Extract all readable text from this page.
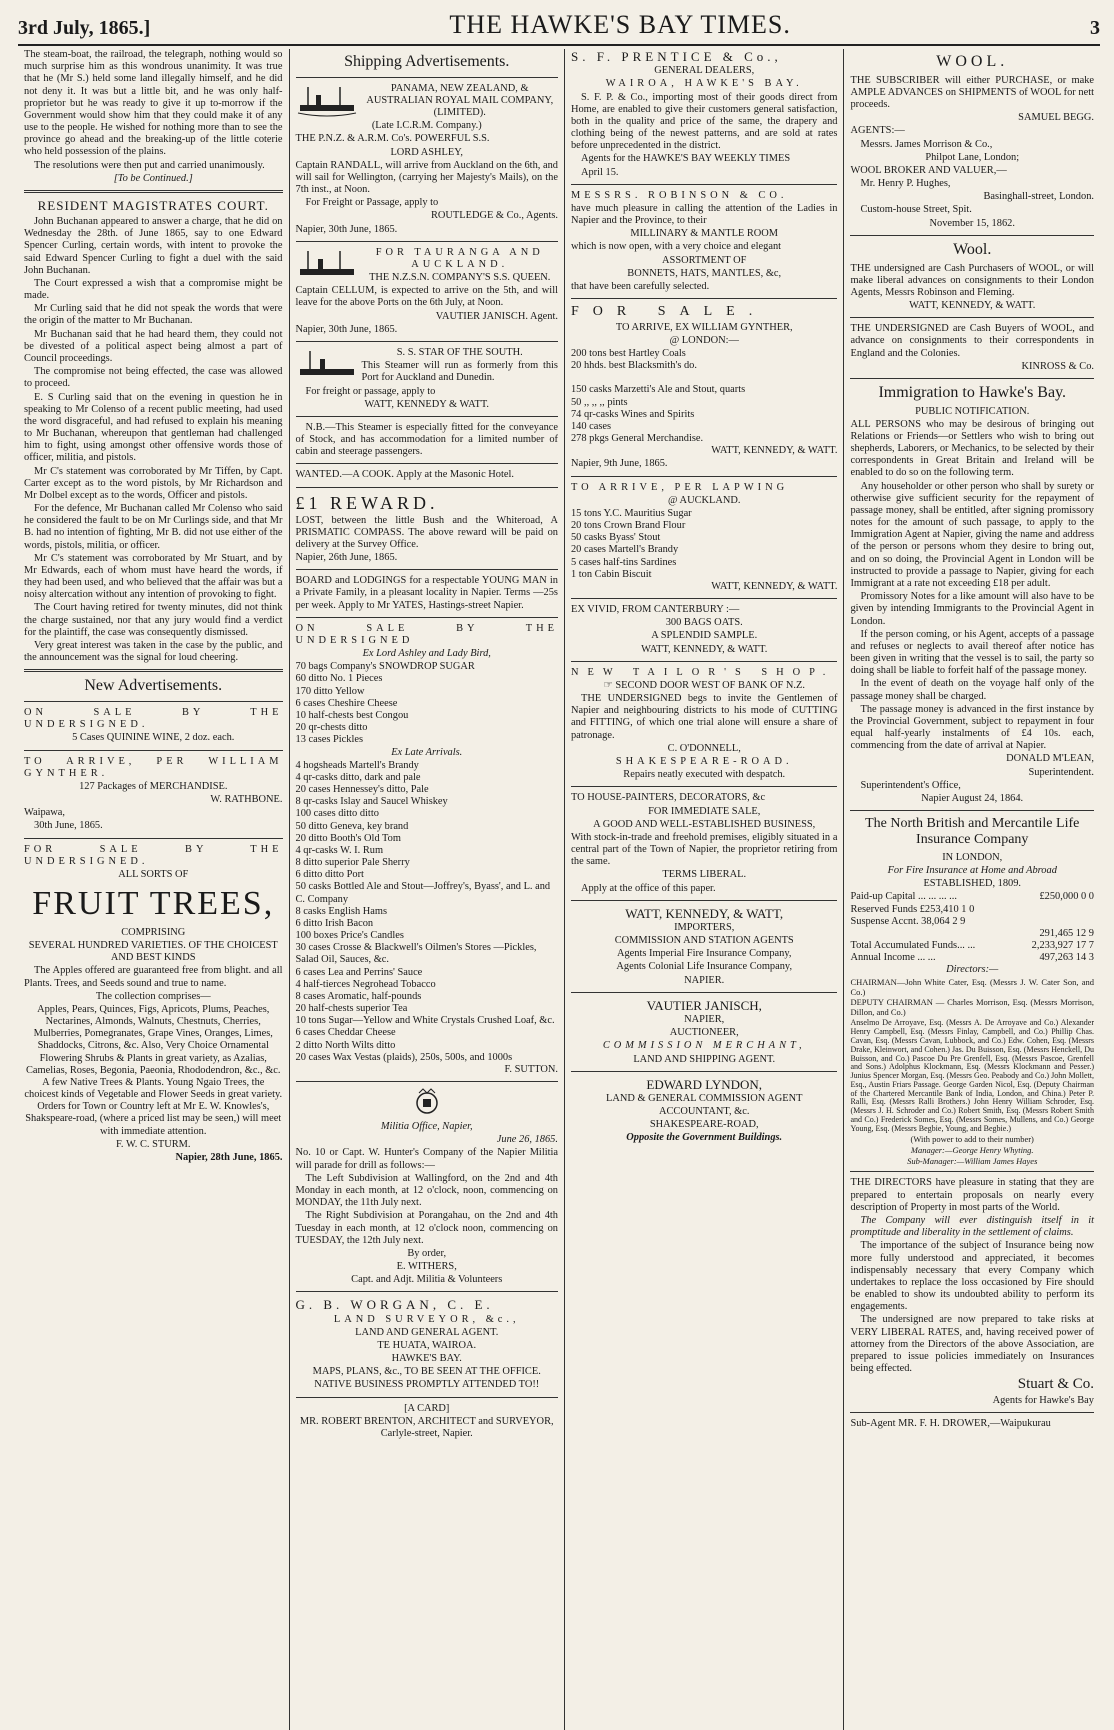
3rd July, 1865.]	THE HAWKE'S BAY TIMES.	3

The steam-boat, the railroad, the telegraph, nothing would so much surprise him as this wondrous unanimity. It was true that he (Mr S.) held some land illegally himself, and he did not deny it. It was but a little bit, and he was only half-proprietor but he was ready to give it up to-morrow if the Government would show him that they could make it of any use to the people. He wished for nothing more than to see the province go ahead and the breaking-up of the little coterie who held possession of the plains.

The resolutions were then put and carried unanimously.

[To be Continued.]

RESIDENT MAGISTRATES COURT.

John Buchanan appeared to answer a charge, that he did on Wednesday the 28th. of June 1865, say to one Edward Spencer Curling, certain words, with intent to provoke the said Edward Spencer Curling to fight a duel with the said John Buchanan.

The Court expressed a wish that a compromise might be made.

Mr Curling said that he did not speak the words that were the origin of the matter to Mr Buchanan.

Mr Buchanan said that he had heard them, they could not be divested of a political aspect being almost a part of Council proceedings.

The compromise not being effected, the case was allowed to proceed.

E. S Curling said that on the evening in question he in speaking to Mr Colenso of a recent public meeting, had used the word disgraceful, and had refused to explain his meaning to Mr Buchanan, whereupon that gentleman had challenged him to fight, using amongst other offensive words those of officer, militia, and pistols.

Mr C's statement was corroborated by Mr Tiffen, by Capt. Carter except as to the word pistols, by Mr Richardson and Mr Dolbel except as to the words, Officer and pistols.

For the defence, Mr Buchanan called Mr Colenso who said he considered the fault to be on Mr Curlings side, and that Mr B. had no intention of fighting, Mr B. did not use either of the words, pistols, militia, or officer.

Mr C's statement was corroborated by Mr Stuart, and by Mr Edwards, each of whom must have heard the words, if they had been used, and who believed that the affair was but a noisy altercation without any intention of provoking to fight.

The Court having retired for twenty minutes, did not think the charge sustained, nor that any jury would find a verdict for the plaintiff, the case was consequently dismissed.

Very great interest was taken in the case by the public, and the announcement was the signal for loud cheering.

New Advertisements.

ON SALE BY THE UNDERSIGNED.

5 Cases QUININE WINE, 2 doz. each.

TO ARRIVE, PER WILLIAM GYNTHER.

127 Packages of MERCHANDISE.

W. RATHBONE.

Waipawa,

30th June, 1865.

FOR SALE BY THE UNDERSIGNED.

ALL SORTS OF

FRUIT TREES,

COMPRISING

SEVERAL HUNDRED VARIETIES. OF THE CHOICEST AND BEST KINDS

The Apples offered are guaranteed free from blight. and all Plants. Trees, and Seeds sound and true to name.

The collection comprises—

Apples, Pears, Quinces, Figs, Apricots, Plums, Peaches, Nectarines, Almonds, Walnuts, Chestnuts, Cherries, Mulberries, Pomegranates, Grape Vines, Oranges, Limes, Shaddocks, Citrons, &c. Also, Very Choice Ornamental Flowering Shrubs & Plants in great variety, as Azalias, Camelias, Roses, Begonia, Paeonia, Rhododendron, &c., &c. A few Native Trees & Plants. Young Ngaio Trees, the choicest kinds of Vegetable and Flower Seeds in great variety. Orders for Town or Country left at Mr E. W. Knowles's, Shakspeare-road, (where a priced list may be seen,) will meet with immediate attention.

F. W. C. STURM.

Napier, 28th June, 1865.

Shipping Advertisements.

PANAMA, NEW ZEALAND, & AUSTRALIAN ROYAL MAIL COMPANY, (LIMITED).

(Late I.C.R.M. Company.)

THE P.N.Z. & A.R.M. Co's. POWERFUL S.S.

LORD ASHLEY,

Captain RANDALL, will arrive from Auckland on the 6th, and will sail for Wellington, (carrying her Majesty's Mails), on the 7th inst., at Noon.

For Freight or Passage, apply to

ROUTLEDGE & Co., Agents.

Napier, 30th June, 1865.

FOR TAURANGA AND AUCKLAND.

THE N.Z.S.N. COMPANY'S S.S. QUEEN.

Captain CELLUM, is expected to arrive on the 5th, and will leave for the above Ports on the 6th July, at Noon.

VAUTIER JANISCH. Agent.

Napier, 30th June, 1865.

S. S. STAR OF THE SOUTH.

This Steamer will run as formerly from this Port for Auckland and Dunedin.

For freight or passage, apply to

WATT, KENNEDY & WATT.

N.B.—This Steamer is especially fitted for the conveyance of Stock, and has accommodation for a limited number of cabin and steerage passengers.

WANTED.—A COOK. Apply at the Masonic Hotel.

£1 REWARD.

LOST, between the little Bush and the Whiteroad, A PRISMATIC COMPASS. The above reward will be paid on delivery at the Survey Office.

Napier, 26th June, 1865.

BOARD and LODGINGS for a respectable YOUNG MAN in a Private Family, in a pleasant locality in Napier. Terms —25s per week. Apply to Mr YATES, Hastings-street Napier.

ON SALE BY THE UNDERSIGNED

Ex Lord Ashley and Lady Bird,

70 bags Company's SNOWDROP SUGAR
60 ditto No. 1 Pieces
170 ditto Yellow
6 cases Cheshire Cheese
10 half-chests best Congou
20 qr-chests ditto
13 cases Pickles

Ex Late Arrivals.

4 hogsheads Martell's Brandy
4 qr-casks ditto, dark and pale
20 cases Hennessey's ditto, Pale
8 qr-casks Islay and Saucel Whiskey
100 cases ditto ditto
50 ditto Geneva, key brand
20 ditto Booth's Old Tom
4 qr-casks W. I. Rum
8 ditto superior Pale Sherry
6 ditto ditto Port
50 casks Bottled Ale and Stout—Joffrey's, Byass', and L. and C. Company
8 casks English Hams
6 ditto Irish Bacon
100 boxes Price's Candles
30 cases Crosse & Blackwell's Oilmen's Stores —Pickles, Salad Oil, Sauces, &c.
6 cases Lea and Perrins' Sauce
4 half-tierces Negrohead Tobacco
8 cases Aromatic, half-pounds
20 half-chests superior Tea
10 tons Sugar—Yellow and White Crystals Crushed Loaf, &c.
6 cases Cheddar Cheese
2 ditto North Wilts ditto
20 cases Wax Vestas (plaids), 250s, 500s, and 1000s

F. SUTTON.

Militia Office, Napier,

June 26, 1865.

No. 10 or Capt. W. Hunter's Company of the Napier Militia will parade for drill as follows:—

The Left Subdivision at Wallingford, on the 2nd and 4th Monday in each month, at 12 o'clock, noon, commencing on MONDAY, the 11th July next.

The Right Subdivision at Porangahau, on the 2nd and 4th Tuesday in each month, at 12 o'clock noon, commencing on TUESDAY, the 12th July next.

By order,

E. WITHERS,

Capt. and Adjt. Militia & Volunteers

G. B. WORGAN, C. E.

LAND SURVEYOR, &c.,

LAND AND GENERAL AGENT.

TE HUATA, WAIROA.

HAWKE'S BAY.

MAPS, PLANS, &c., TO BE SEEN AT THE OFFICE.

NATIVE BUSINESS PROMPTLY ATTENDED TO!!

[A CARD]

MR. ROBERT BRENTON, ARCHITECT and SURVEYOR, Carlyle-street, Napier.

S. F. PRENTICE & Co.,

GENERAL DEALERS,

WAIROA, HAWKE'S BAY.

S. F. P. & Co., importing most of their goods direct from Home, are enabled to give their customers general satisfaction, both in the quality and price of the same, the drapery and clothing being of the newest patterns, and are sold at rates before unprecedented in the district.

Agents for the HAWKE'S BAY WEEKLY TIMES

April 15.

MESSRS. ROBINSON & CO.

have much pleasure in calling the attention of the Ladies in Napier and the Province, to their

MILLINARY & MANTLE ROOM

which is now open, with a very choice and elegant

ASSORTMENT OF

BONNETS, HATS, MANTLES, &c,

that have been carefully selected.

FOR SALE.

TO ARRIVE, EX WILLIAM GYNTHER,

@ LONDON:—

200 tons best Hartley Coals
20 hhds. best Blacksmith's do.

150 casks Marzetti's Ale and Stout, quarts
50 ,, ,, ,, pints
74 qr-casks Wines and Spirits
140 cases
278 pkgs General Merchandise.

WATT, KENNEDY, & WATT.

Napier, 9th June, 1865.

TO ARRIVE, PER LAPWING

@ AUCKLAND.

15 tons Y.C. Mauritius Sugar
20 tons Crown Brand Flour
50 casks Byass' Stout
20 cases Martell's Brandy
5 cases half-tins Sardines
1 ton Cabin Biscuit

WATT, KENNEDY, & WATT.

EX VIVID, FROM CANTERBURY :—

300 BAGS OATS.

A SPLENDID SAMPLE.

WATT, KENNEDY, & WATT.

NEW TAILOR'S SHOP.

☞ SECOND DOOR WEST OF BANK OF N.Z.

THE UNDERSIGNED begs to invite the Gentlemen of Napier and neighbouring districts to his mode of CUTTING and FITTING, of which one trial alone will ensure a share of patronage.

C. O'DONNELL,

SHAKESPEARE-ROAD.

Repairs neatly executed with despatch.

TO HOUSE-PAINTERS, DECORATORS, &c

FOR IMMEDIATE SALE,

A GOOD AND WELL-ESTABLISHED BUSINESS,

With stock-in-trade and freehold premises, eligibly situated in a central part of the Town of Napier, the proprietor retiring from the same.

TERMS LIBERAL.

Apply at the office of this paper.

WATT, KENNEDY, & WATT,

IMPORTERS,

COMMISSION AND STATION AGENTS

Agents Imperial Fire Insurance Company,

Agents Colonial Life Insurance Company,

NAPIER.

VAUTIER JANISCH,

NAPIER,

AUCTIONEER,

COMMISSION MERCHANT,

LAND AND SHIPPING AGENT.

EDWARD LYNDON,

LAND & GENERAL COMMISSION AGENT

ACCOUNTANT, &c.

SHAKESPEARE-ROAD,

Opposite the Government Buildings.

WOOL.

THE SUBSCRIBER will either PURCHASE, or make AMPLE ADVANCES on SHIPMENTS of WOOL for nett proceeds.

SAMUEL BEGG.

AGENTS:—

Messrs. James Morrison & Co.,

Philpot Lane, London;

WOOL BROKER AND VALUER,—

Mr. Henry P. Hughes,

Basinghall-street, London.

Custom-house Street, Spit.

November 15, 1862.

Wool.

THE undersigned are Cash Purchasers of WOOL, or will make liberal advances on consignments to their London Agents, Messrs Robinson and Fleming.

WATT, KENNEDY, & WATT.

THE UNDERSIGNED are Cash Buyers of WOOL, and advance on consignments to their correspondents in England and the Colonies.

KINROSS & Co.

Immigration to Hawke's Bay.

PUBLIC NOTIFICATION.

ALL PERSONS who may be desirous of bringing out Relations or Friends—or Settlers who wish to bring out shepherds, Laborers, or Mechanics, to be selected by their correspondents in Great Britain and Ireland will be enabled to do so on the following term.

Any householder or other person who shall by surety or otherwise give sufficient security for the repayment of passage money, shall be entitled, after signing promissory notes for the amount of such passage, to apply to the Immigration Agent at Napier, giving the name and address of the person or persons whom they desire to bring out, and on so doing, the Provincial Agent in London will be instructed to provide a passage to Napier, giving for each Immigrant at a rate not exceeding £18 per adult.

Promissory Notes for a like amount will also have to be given by intending Immigrants to the Provincial Agent in London.

If the person coming, or his Agent, accepts of a passage and refuses or neglects to avail thereof after notice has been given in writing that the vessel is to sail, the party so doing shall be liable to forfeit half of the passage money.

In the event of death on the voyage half only of the passage money shall be charged.

The passage money is advanced in the first instance by the Provincial Government, subject to repayment in four equal half-yearly instalments of £4 10s. each, commencing from the date of arrival at Napier.

DONALD M'LEAN,

Superintendent.

Superintendent's Office,

Napier August 24, 1864.

The North British and Mercantile Life Insurance Company

IN LONDON,

For Fire Insurance at Home and Abroad

ESTABLISHED, 1809.

Paid-up Capital ... ... ... ...	£250,000 0 0
Reserved Funds £253,410 1 0
Suspense Accnt. 38,064 2 9
291,465 12 9
Total Accumulated Funds... ...	2,233,927 17 7
Annual Income ... ...	497,263 14 3

Directors:—

CHAIRMAN—John White Cater, Esq. (Messrs J. W. Cater Son, and Co.)

DEPUTY CHAIRMAN — Charles Morrison, Esq. (Messrs Morrison, Dillon, and Co.)

Anselmo De Arroyave, Esq. (Messrs A. De Arroyave and Co.) Alexander Henry Campbell, Esq. (Messrs Finlay, Campbell, and Co.) Phillip Chas. Cavan, Esq. (Messrs Cavan, Lubbock, and Co.) Edw. Cohen, Esq. (Messrs Drake, Kleinwort, and Cohen.) Jas. Du Buisson, Esq. (Messrs Henckell, Du Buisson, and Co.) Pascoe Du Pre Grenfell, Esq. (Messrs Pascoe, Grenfell and Sons.) Adolphus Klockmann, Esq. (Messrs Klockmann and Pesser.) Junius Spencer Morgan, Esq. (Messrs Geo. Peabody and Co.) John Mollett, Esq., Austin Friars Passage. George Garden Nicol, Esq. (Deputy Chairman of the Chartered Mercantile Bank of India, London, and China.) Peter P. Ralli, Esq. (Messrs Ralli Brothers.) John Henry William Schroder, Esq. (Messrs J. H. Schroder and Co.) Robert Smith, Esq. (Messrs Robert Smith and Co.) Frederick Somes, Esq. (Messrs Somes, Mullens, and Co.) George Young, Esq. (Messrs Begbie, Young, and Begbie.)

(With power to add to their number)

Manager:—George Henry Whyting.

Sub-Manager:—William James Hayes

THE DIRECTORS have pleasure in stating that they are prepared to entertain proposals on nearly every description of Property in most parts of the World.

The Company will ever distinguish itself in it promptitude and liberality in the settlement of claims.

The importance of the subject of Insurance being now more fully understood and appreciated, it becomes indispensably necessary that every Company which undertakes to replace the loss occasioned by Fire should be enabled to show its undoubted ability to perform its engagements.

The undersigned are now prepared to take risks at VERY LIBERAL RATES, and, having received power of attorney from the Directors of the above Association, are prepared to issue policies immediately on Insurances being effected.

Stuart & Co.

Agents for Hawke's Bay

Sub-Agent MR. F. H. DROWER,—Waipukurau
